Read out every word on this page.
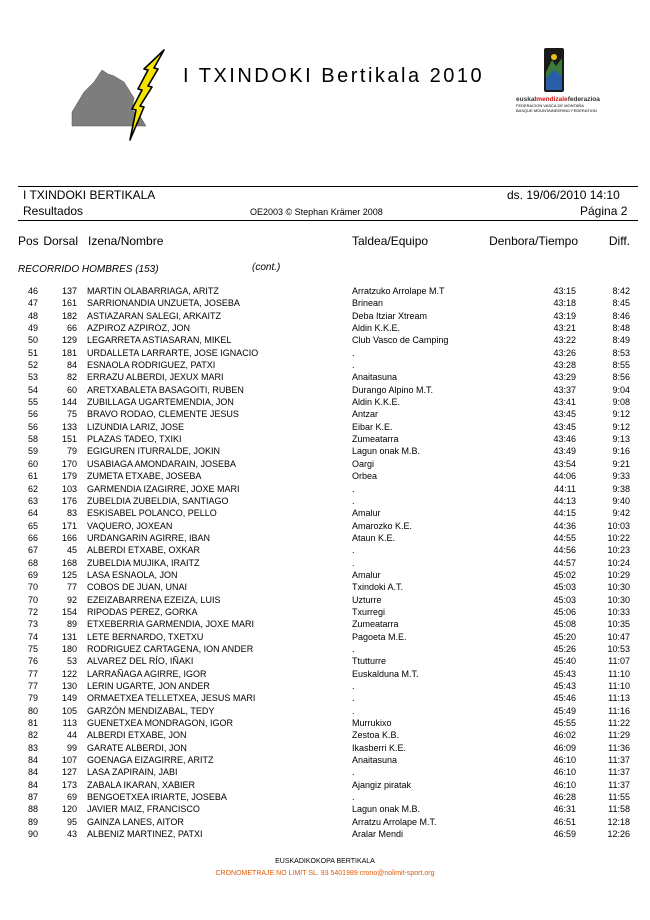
I TXINDOKI Bertikala 2010
euskalmendizalefederazioa
FEDERACION VASCA DE MONTAÑA
BASQUE MOUNTAINEERING FEDERATION
I TXINDOKI BERTIKALA	ds. 19/06/2010 14:10
Resultados	OE2003 © Stephan Krämer 2008	Página 2
Pos Dorsal Izena/Nombre	Taldea/Equipo	Denbora/Tiempo	Diff.
RECORRIDO HOMBRES (153)	(cont.)
46	137 MARTIN OLABARRIAGA, ARITZ	Arratzuko Arrolape M.T	43:15	8:42
47	161 SARRIONANDIA UNZUETA, JOSEBA	Brinean	43:18	8:45
48	182 ASTIAZARAN SALEGI, ARKAITZ	Deba Itziar Xtream	43:19	8:46
49	66 AZPIROZ AZPIROZ, JON	Aldin K.K.E.	43:21	8:48
50	129 LEGARRETA ASTIASARAN, MIKEL	Club Vasco de Camping	43:22	8:49
51	181 URDALLETA LARRARTE, JOSE IGNACIO	.	43:26	8:53
52	84 ESNAOLA RODRIGUEZ, PATXI	.	43:28	8:55
53	82 ERRAZU ALBERDI, JEXUX MARI	Anaitasuna	43:29	8:56
54	60 ARETXABALETA BASAGOITI, RUBEN	Durango Alpino M.T.	43:37	9:04
55	144 ZUBILLAGA UGARTEMENDIA, JON	Aldin K.K.E.	43:41	9:08
56	75 BRAVO RODAO, CLEMENTE JESUS	Antzar	43:45	9:12
56	133 LIZUNDIA LARIZ, JOSE	Eibar K.E.	43:45	9:12
58	151 PLAZAS TADEO, TXIKI	Zumeatarra	43:46	9:13
59	79 EGIGUREN ITURRALDE, JOKIN	Lagun onak M.B.	43:49	9:16
60	170 USABIAGA AMONDARAIN, JOSEBA	Oargi	43:54	9:21
61	179 ZUMETA ETXABE, JOSEBA	Orbea	44:06	9:33
62	103 GARMENDIA IZAGIRRE, JOXE MARI	.	44:11	9:38
63	176 ZUBELDIA ZUBELDIA, SANTIAGO	.	44:13	9:40
64	83 ESKISABEL POLANCO, PELLO	Amalur	44:15	9:42
65	171 VAQUERO, JOXEAN	Amarozko K.E.	44:36	10:03
66	166 URDANGARIN AGIRRE, IBAN	Ataun K.E.	44:55	10:22
67	45 ALBERDI ETXABE, OXKAR	.	44:56	10:23
68	168 ZUBELDIA MUJIKA, IRAITZ	.	44:57	10:24
69	125 LASA ESNAOLA, JON	Amalur	45:02	10:29
70	77 COBOS DE JUAN, UNAI	Txindoki A.T.	45:03	10:30
70	92 EZEIZABARRENA EZEIZA, LUIS	Uzturre	45:03	10:30
72	154 RIPODAS PEREZ, GORKA	Txurregi	45:06	10:33
73	89 ETXEBERRIA GARMENDIA, JOXE MARI	Zumeatarra	45:08	10:35
74	131 LETE BERNARDO, TXETXU	Pagoeta M.E.	45:20	10:47
75	180 RODRIGUEZ CARTAGENA, ION ANDER	.	45:26	10:53
76	53 ALVAREZ DEL RÍO, IÑAKI	Ttutturre	45:40	11:07
77	122 LARRAÑAGA AGIRRE, IGOR	Euskalduna M.T.	45:43	11:10
77	130 LERIN UGARTE, JON ANDER	.	45:43	11:10
79	149 ORMAETXEA TELLETXEA, JESUS MARI	.	45:46	11:13
80	105 GARZÓN MENDIZABAL, TEDY	.	45:49	11:16
81	113 GUENETXEA MONDRAGON, IGOR	Murrukixo	45:55	11:22
82	44 ALBERDI ETXABE, JON	Zestoa K.B.	46:02	11:29
83	99 GARATE ALBERDI, JON	Ikasberri K.E.	46:09	11:36
84	107 GOENAGA EIZAGIRRE, ARITZ	Anaitasuna	46:10	11:37
84	127 LASA ZAPIRAIN, JABI	.	46:10	11:37
84	173 ZABALA IKARAN, XABIER	Ajangiz piratak	46:10	11:37
87	69 BENGOETXEA IRIARTE, JOSEBA	.	46:28	11:55
88	120 JAVIER MAIZ, FRANCISCO	Lagun onak M.B.	46:31	11:58
89	95 GAINZA LANES, AITOR	Arratzu Arrolape M.T.	46:51	12:18
90	43 ALBENIZ MARTINEZ, PATXI	Aralar Mendi	46:59	12:26
EUSKADIKOKOPA BERTIKALA
CRONOMETRAJE NO LIMIT SL. 93 5401989 crono@nolimit-sport.org
